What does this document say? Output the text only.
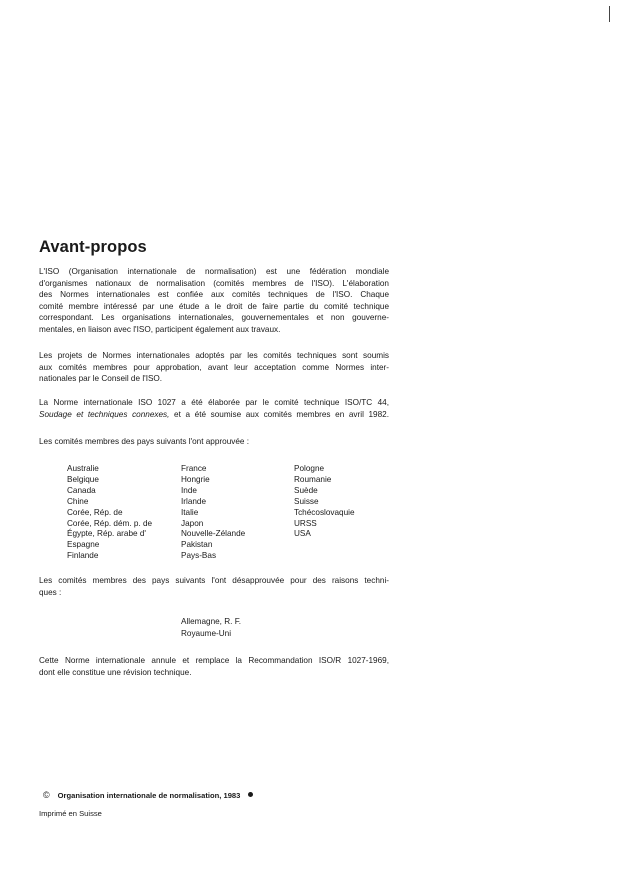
Avant-propos

L'ISO (Organisation internationale de normalisation) est une fédération mondiale
d'organismes nationaux de normalisation (comités membres de l'ISO). L'élaboration
des Normes internationales est confiée aux comités techniques de l'ISO. Chaque
comité membre intéressé par une étude a le droit de faire partie du comité technique
correspondant. Les organisations internationales, gouvernementales et non gouverne-
mentales, en liaison avec l'ISO, participent également aux travaux.

Les projets de Normes internationales adoptés par les comités techniques sont soumis
aux comités membres pour approbation, avant leur acceptation comme Normes inter-
nationales par le Conseil de l'ISO.

La Norme internationale ISO 1027 a été élaborée par le comité technique ISO/TC 44,
Soudage et techniques connexes, et a été soumise aux comités membres en avril 1982.

Les comités membres des pays suivants l'ont approuvée :

Australie
Belgique
Canada
Chine
Corée, Rép. de
Corée, Rép. dém. p. de
Égypte, Rép. arabe d'
Espagne
Finlande
France
Hongrie
Inde
Irlande
Italie
Japon
Nouvelle-Zélande
Pakistan
Pays-Bas
Pologne
Roumanie
Suède
Suisse
Tchécoslovaquie
URSS
USA

Les comités membres des pays suivants l'ont désapprouvée pour des raisons techni-
ques :

Allemagne, R. F.
Royaume-Uni

Cette Norme internationale annule et remplace la Recommandation ISO/R 1027-1969,
dont elle constitue une révision technique.

© Organisation internationale de normalisation, 1983
Imprimé en Suisse
